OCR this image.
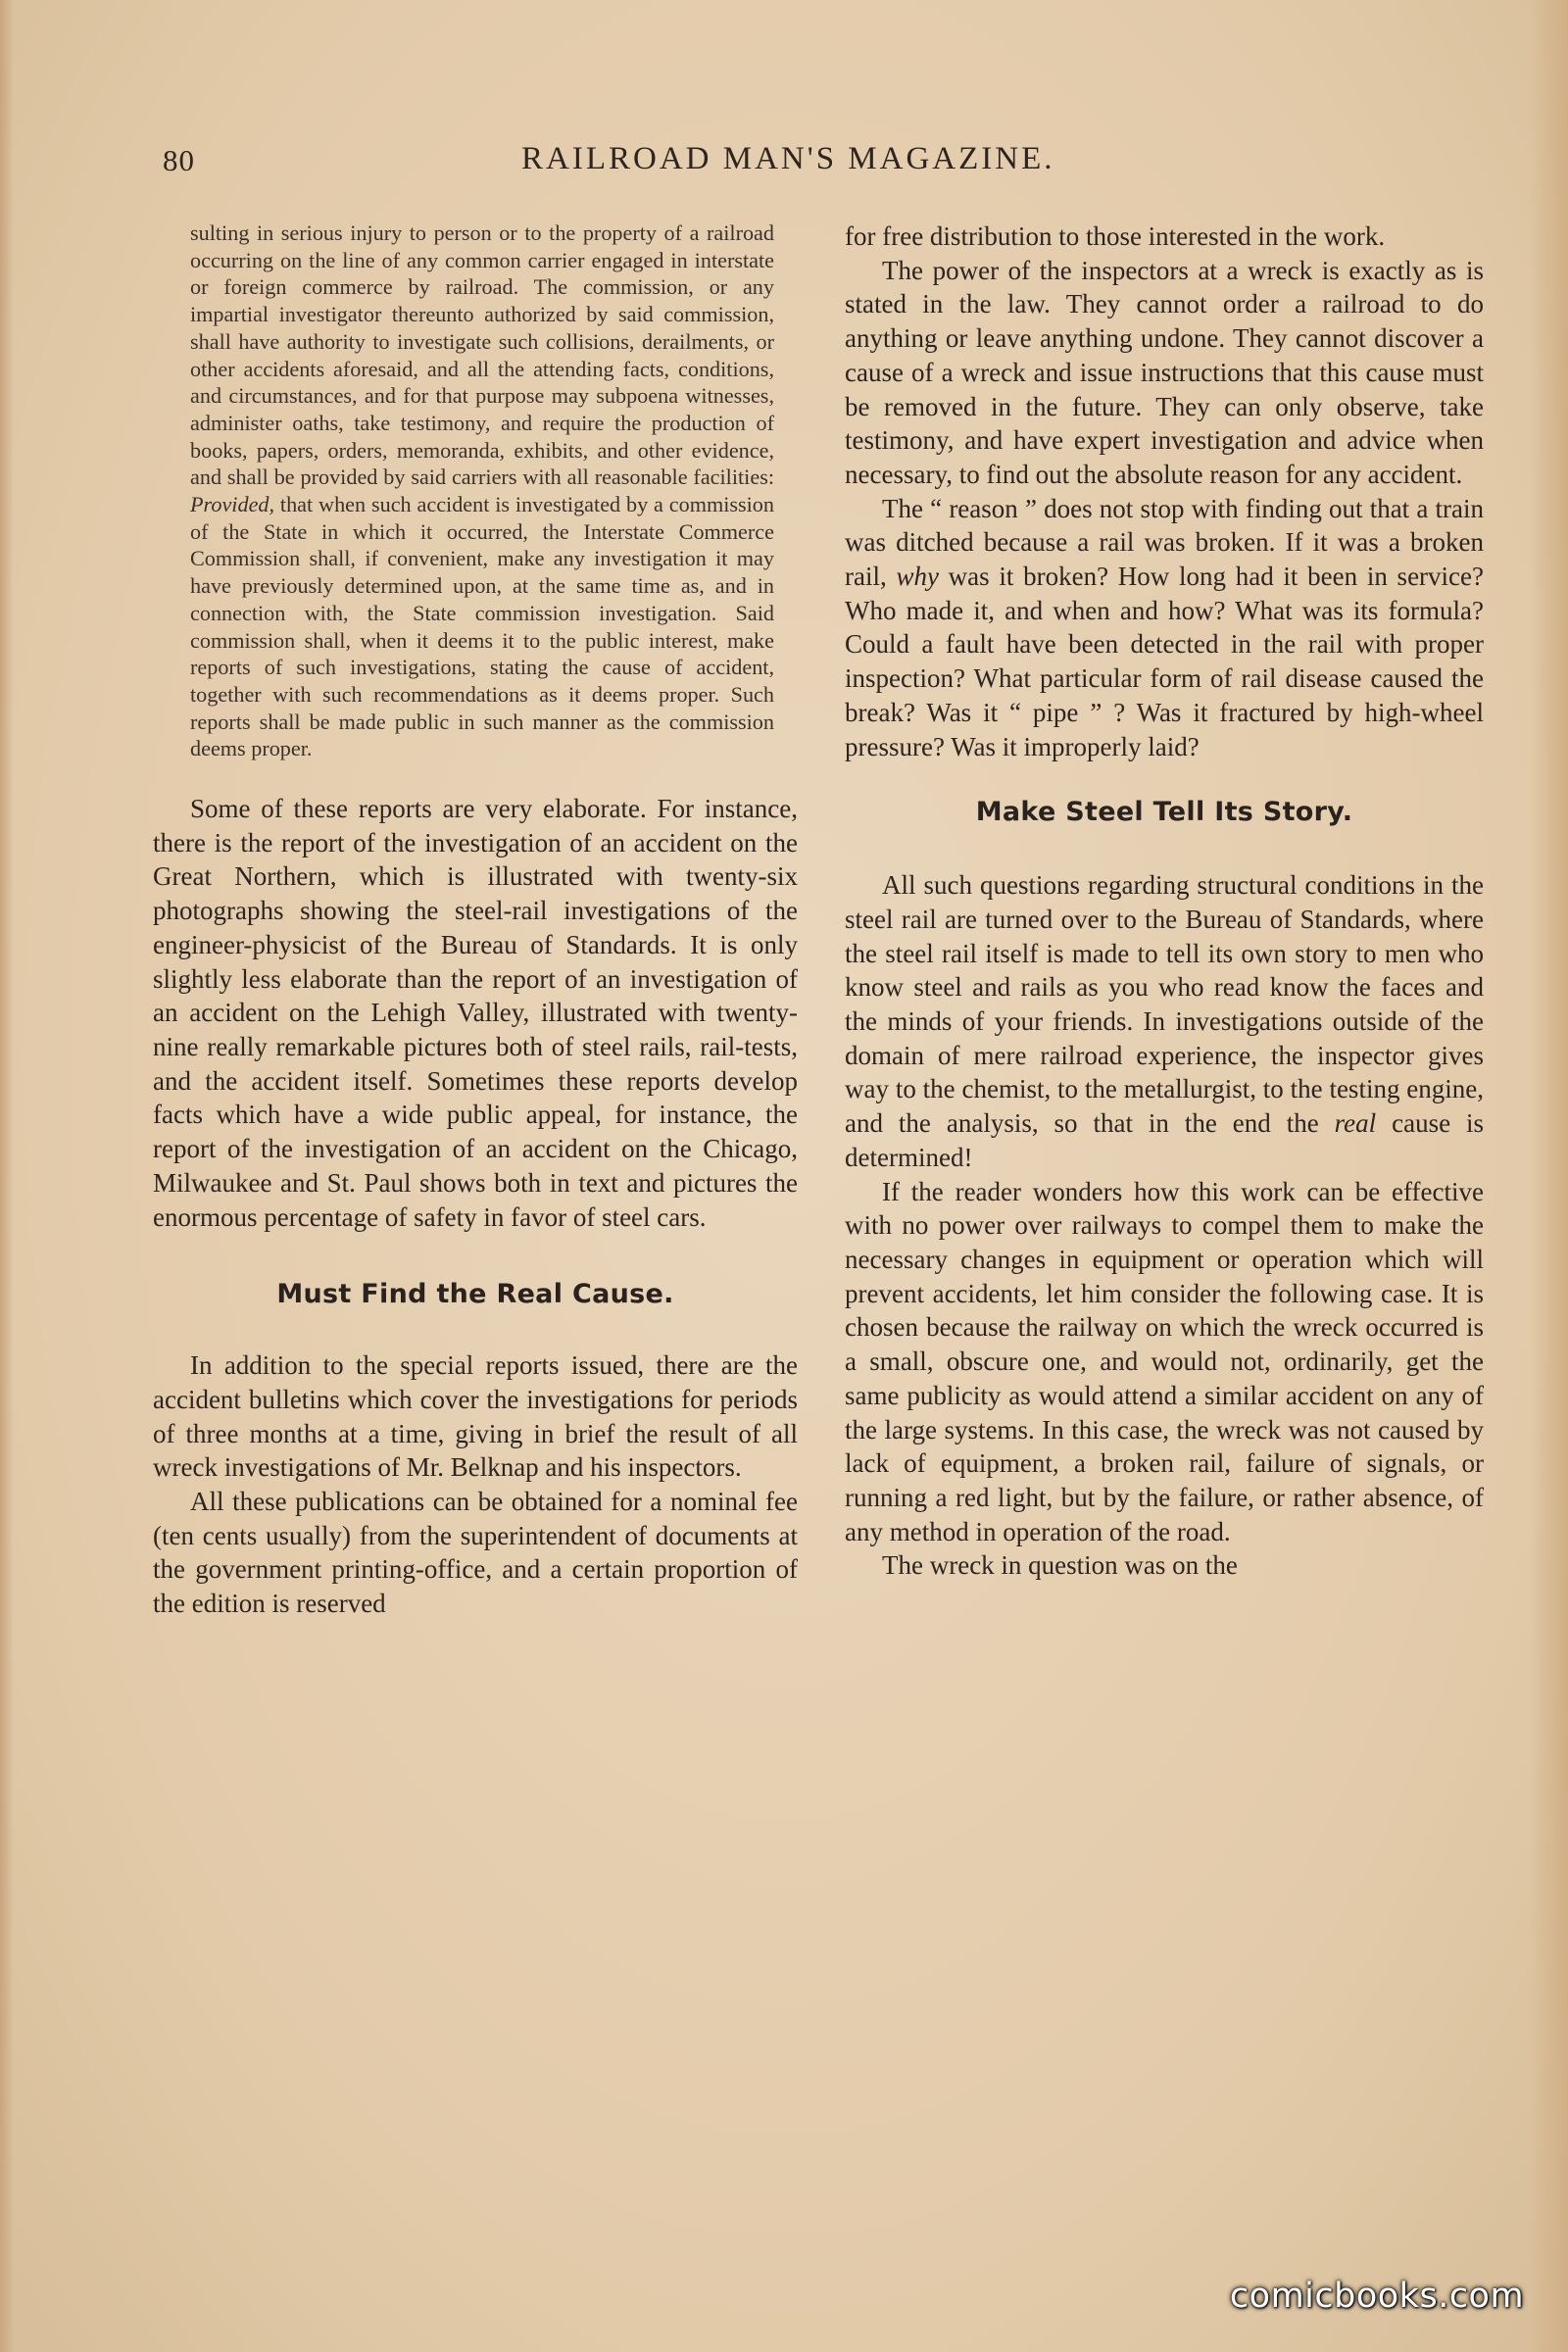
80	RAILROAD MAN'S MAGAZINE.

sulting in serious injury to person or to the property of a railroad occurring on the line of any common carrier engaged in interstate or foreign commerce by railroad. The commission, or any impartial investigator thereunto authorized by said commission, shall have authority to investigate such collisions, derailments, or other accidents aforesaid, and all the attending facts, conditions, and circumstances, and for that purpose may subpoena witnesses, administer oaths, take testimony, and require the production of books, papers, orders, memoranda, exhibits, and other evidence, and shall be provided by said carriers with all reasonable facilities: Provided, that when such accident is investigated by a commission of the State in which it occurred, the Interstate Commerce Commission shall, if convenient, make any investigation it may have previously determined upon, at the same time as, and in connection with, the State commission investigation. Said commission shall, when it deems it to the public interest, make reports of such investigations, stating the cause of accident, together with such recommendations as it deems proper. Such reports shall be made public in such manner as the commission deems proper.

Some of these reports are very elaborate. For instance, there is the report of the investigation of an accident on the Great Northern, which is illustrated with twenty-six photographs showing the steel-rail investigations of the engineer-physicist of the Bureau of Standards. It is only slightly less elaborate than the report of an investigation of an accident on the Lehigh Valley, illustrated with twenty-nine really remarkable pictures both of steel rails, rail-tests, and the accident itself. Sometimes these reports develop facts which have a wide public appeal, for instance, the report of the investigation of an accident on the Chicago, Milwaukee and St. Paul shows both in text and pictures the enormous percentage of safety in favor of steel cars.

Must Find the Real Cause.

In addition to the special reports issued, there are the accident bulletins which cover the investigations for periods of three months at a time, giving in brief the result of all wreck investigations of Mr. Belknap and his inspectors.

All these publications can be obtained for a nominal fee (ten cents usually) from the superintendent of documents at the government printing-office, and a certain proportion of the edition is reserved

for free distribution to those interested in the work.

The power of the inspectors at a wreck is exactly as is stated in the law. They cannot order a railroad to do anything or leave anything undone. They cannot discover a cause of a wreck and issue instructions that this cause must be removed in the future. They can only observe, take testimony, and have expert investigation and advice when necessary, to find out the absolute reason for any accident.

The “ reason ” does not stop with finding out that a train was ditched because a rail was broken. If it was a broken rail, why was it broken? How long had it been in service? Who made it, and when and how? What was its formula? Could a fault have been detected in the rail with proper inspection? What particular form of rail disease caused the break? Was it “ pipe ” ? Was it fractured by high-wheel pressure? Was it improperly laid?

Make Steel Tell Its Story.

All such questions regarding structural conditions in the steel rail are turned over to the Bureau of Standards, where the steel rail itself is made to tell its own story to men who know steel and rails as you who read know the faces and the minds of your friends. In investigations outside of the domain of mere railroad experience, the inspector gives way to the chemist, to the metallurgist, to the testing engine, and the analysis, so that in the end the real cause is determined!

If the reader wonders how this work can be effective with no power over railways to compel them to make the necessary changes in equipment or operation which will prevent accidents, let him consider the following case. It is chosen because the railway on which the wreck occurred is a small, obscure one, and would not, ordinarily, get the same publicity as would attend a similar accident on any of the large systems. In this case, the wreck was not caused by lack of equipment, a broken rail, failure of signals, or running a red light, but by the failure, or rather absence, of any method in operation of the road.

The wreck in question was on the

comicbooks.com
